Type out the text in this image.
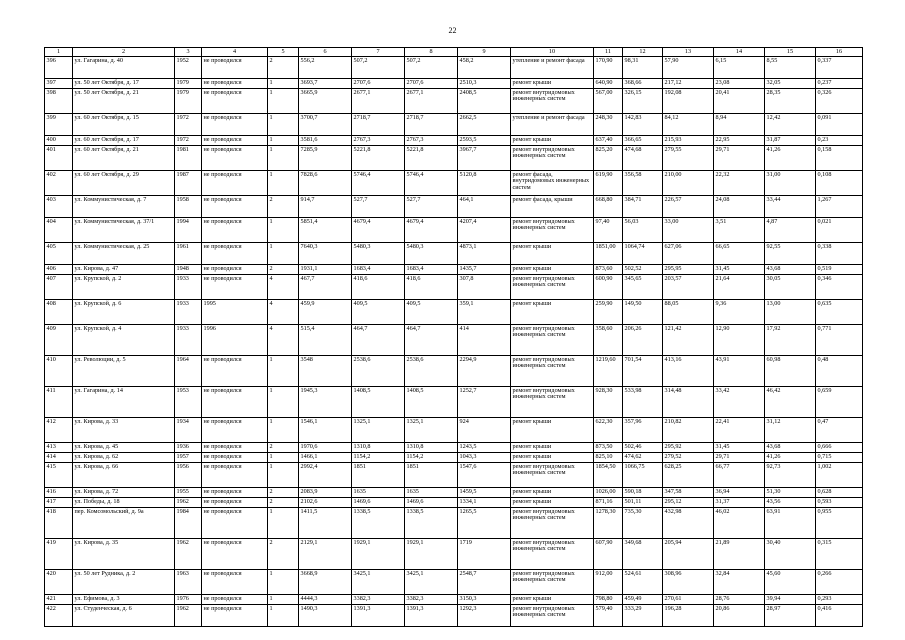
22
1	2	3	4	5	6	7	8	9	10	11	12	13	14	15	16
396	ул. Гагарина, д. 40	1952	не проводился	2	556,2	507,2	507,2	458,2	утепление и ремонт фасада	170,90	98,31	57,90	6,15	8,55	0,337
397	ул. 50 лет Октября, д. 17	1979	не проводился	1	3693,7	2707,6	2707,6	2510,3	ремонт крыши	640,90	368,66	217,12	23,08	32,05	0,237
398	ул. 50 лет Октября, д. 21	1979	не проводился	1	3665,9	2677,1	2677,1	2408,5	ремонт внутридомовых инженерных систем	567,00	326,15	192,08	20,41	28,35	0,326
399	ул. 60 лет Октября, д. 15	1972	не проводился	1	3700,7	2718,7	2718,7	2662,5	утепление и ремонт фасада	248,30	142,83	84,12	8,94	12,42	0,091
400	ул. 60 лет Октября, д. 17	1972	не проводился	1	3581,6	2767,3	2767,3	2593,5	ремонт крыши	637,40	366,65	215,93	22,95	31,87	0,23
401	ул. 60 лет Октября, д. 21	1981	не проводился	1	7285,9	5221,8	5221,8	3967,7	ремонт внутридомовых инженерных систем	825,20	474,68	279,55	29,71	41,26	0,158
402	ул. 60 лет Октября, д. 29	1987	не проводился	1	7828,6	5746,4	5746,4	5120,8	ремонт фасада, внутридомовых инженерных систем	619,90	356,58	210,00	22,32	31,00	0,108
403	ул. Коммунистическая, д. 7	1958	не проводился	2	914,7	527,7	527,7	464,1	ремонт фасада, крыши	668,80	384,71	226,57	24,08	33,44	1,267
404	ул. Коммунистическая, д. 37/1	1994	не проводился	1	5851,4	4679,4	4679,4	4207,4	ремонт внутридомовых инженерных систем	97,40	56,03	33,00	3,51	4,87	0,021
405	ул. Коммунистическая, д. 25	1961	не проводился	1	7640,3	5480,3	5480,3	4873,1	ремонт крыши	1851,00	1064,74	627,06	66,65	92,55	0,338
406	ул. Кирова, д. 47	1948	не проводился	2	1931,1	1683,4	1683,4	1435,7	ремонт крыши	873,60	502,52	295,95	31,45	43,68	0,519
407	ул. Крупской, д. 2	1933	не проводился	4	467,7	418,6	418,6	307,8	ремонт внутридомовых инженерных систем	600,90	345,65	203,57	21,64	30,05	0,346
408	ул. Крупской, д. 6	1933	1995	4	459,9	409,5	409,5	359,1	ремонт крыши	259,90	149,50	88,05	9,36	13,00	0,635
409	ул. Крупской, д. 4	1933	1996	4	515,4	464,7	464,7	414	ремонт внутридомовых инженерных систем	358,60	206,26	121,42	12,90	17,92	0,771
410	ул. Революции, д. 5	1964	не проводился	1	3548	2538,6	2538,6	2294,9	ремонт внутридомовых инженерных систем	1219,60	701,54	413,16	43,91	60,98	0,48
411	ул. Гагарина, д. 14	1953	не проводился	1	1945,3	1408,5	1408,5	1252,7	ремонт внутридомовых инженерных систем	928,30	533,98	314,48	33,42	46,42	0,659
412	ул. Кирова, д. 33	1934	не проводился	1	1546,1	1325,1	1325,1	924	ремонт крыши	622,30	357,96	210,82	22,41	31,12	0,47
413	ул. Кирова, д. 45	1936	не проводился	2	1970,6	1310,8	1310,8	1243,5	ремонт крыши	873,50	502,46	295,92	31,45	43,68	0,666
414	ул. Кирова, д. 62	1957	не проводился	1	1466,1	1154,2	1154,2	1043,3	ремонт крыши	825,10	474,62	279,52	29,71	41,26	0,715
415	ул. Кирова, д. 66	1956	не проводился	1	2992,4	1851	1851	1547,6	ремонт внутридомовых инженерных систем	1854,50	1066,75	628,25	66,77	92,73	1,002
416	ул. Кирова, д. 72	1955	не проводился	2	2083,9	1635	1635	1459,5	ремонт крыши	1026,00	590,18	347,58	36,94	51,30	0,628
417	ул. Победы, д. 18	1962	не проводился	2	2102,6	1469,6	1469,6	1334,1	ремонт крыши	871,16	501,11	295,12	31,37	43,56	0,593
418	пер. Комсомольский, д. 9а	1984	не проводился	1	1411,5	1338,5	1338,5	1265,5	ремонт внутридомовых инженерных систем	1278,30	735,30	432,98	46,02	63,91	0,955
419	ул. Кирова, д. 35	1962	не проводился	2	2129,1	1929,1	1929,1	1719	ремонт внутридомовых инженерных систем	607,90	349,68	205,94	21,89	30,40	0,315
420	ул. 50 лет Рудника, д. 2	1963	не проводился	1	3668,9	3425,1	3425,1	2548,7	ремонт внутридомовых инженерных систем	912,00	524,61	308,96	32,84	45,60	0,266
421	ул. Ефимова, д. 3	1976	не проводился	1	4444,3	3382,3	3382,3	3150,3	ремонт крыши	798,80	459,49	270,61	28,76	39,94	0,293
422	ул. Студенческая, д. 6	1962	не проводился	1	1490,3	1391,3	1391,3	1292,3	ремонт внутридомовых инженерных систем	579,40	333,29	196,28	20,86	28,97	0,416
